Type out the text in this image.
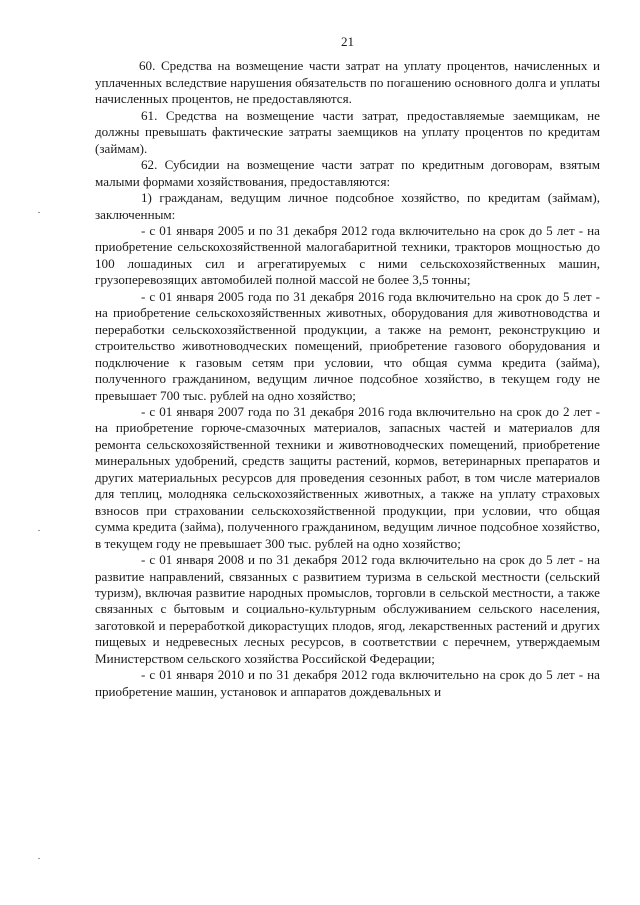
21

60. Средства на возмещение части затрат на уплату процентов, начисленных и уплаченных вследствие нарушения обязательств по погашению основного долга и уплаты начисленных процентов, не предоставляются.

61. Средства на возмещение части затрат, предоставляемые заемщикам, не должны превышать фактические затраты заемщиков на уплату процентов по кредитам (займам).

62. Субсидии на возмещение части затрат по кредитным договорам, взятым малыми формами хозяйствования, предоставляются:

1) гражданам, ведущим личное подсобное хозяйство, по кредитам (займам), заключенным:

- с 01 января 2005 и по 31 декабря 2012 года включительно на срок до 5 лет - на приобретение сельскохозяйственной малогабаритной техники, тракторов мощностью до 100 лошадиных сил и агрегатируемых с ними сельскохозяйственных машин, грузоперевозящих автомобилей полной массой не более 3,5 тонны;

- с 01 января 2005 года по 31 декабря 2016 года включительно на срок до 5 лет - на приобретение сельскохозяйственных животных, оборудования для животноводства и переработки сельскохозяйственной продукции, а также на ремонт, реконструкцию и строительство животноводческих помещений, приобретение газового оборудования и подключение к газовым сетям при условии, что общая сумма кредита (займа), полученного гражданином, ведущим личное подсобное хозяйство, в текущем году не превышает 700 тыс. рублей на одно хозяйство;

- с 01 января 2007 года по 31 декабря 2016 года включительно на срок до 2 лет - на приобретение горюче-смазочных материалов, запасных частей и материалов для ремонта сельскохозяйственной техники и животноводческих помещений, приобретение минеральных удобрений, средств защиты растений, кормов, ветеринарных препаратов и других материальных ресурсов для проведения сезонных работ, в том числе материалов для теплиц, молодняка сельскохозяйственных животных, а также на уплату страховых взносов при страховании сельскохозяйственной продукции, при условии, что общая сумма кредита (займа), полученного гражданином, ведущим личное подсобное хозяйство, в текущем году не превышает 300 тыс. рублей на одно хозяйство;

- с 01 января 2008 и по 31 декабря 2012 года включительно на срок до 5 лет - на развитие направлений, связанных с развитием туризма в сельской местности (сельский туризм), включая развитие народных промыслов, торговли в сельской местности, а также связанных с бытовым и социально-культурным обслуживанием сельского населения, заготовкой и переработкой дикорастущих плодов, ягод, лекарственных растений и других пищевых и недревесных лесных ресурсов, в соответствии с перечнем, утверждаемым Министерством сельского хозяйства Российской Федерации;

- с 01 января 2010 и по 31 декабря 2012 года включительно на срок до 5 лет - на приобретение машин, установок и аппаратов дождевальных и
